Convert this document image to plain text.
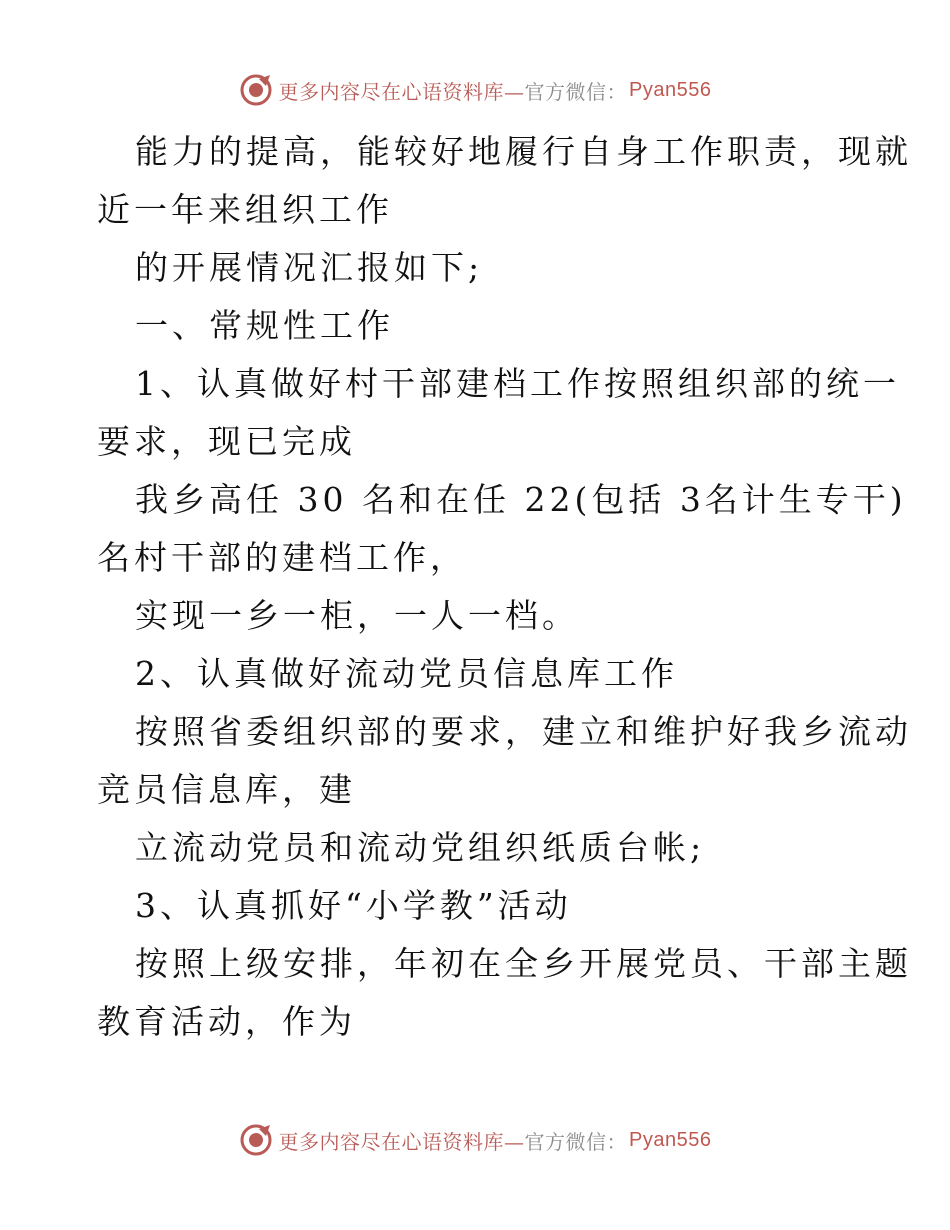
更多内容尽在心语资料库— 官方微信： Pyan556
能力的提高，能较好地履行自身工作职责，现就
近一年来组织工作
的开展情况汇报如下;
一、常规性工作
1、认真做好村干部建档工作按照组织部的统一
要求，现已完成
我乡高任 30 名和在任 22(包括 3名计生专干)
名村干部的建档工作，
实现一乡一柜，一人一档。
2、认真做好流动党员信息库工作
按照省委组织部的要求，建立和维护好我乡流动
竞员信息库，建
立流动党员和流动党组织纸质台帐;
3、认真抓好“小学教”活动
按照上级安排，年初在全乡开展党员、干部主题
教育活动，作为
更多内容尽在心语资料库— 官方微信： Pyan556
